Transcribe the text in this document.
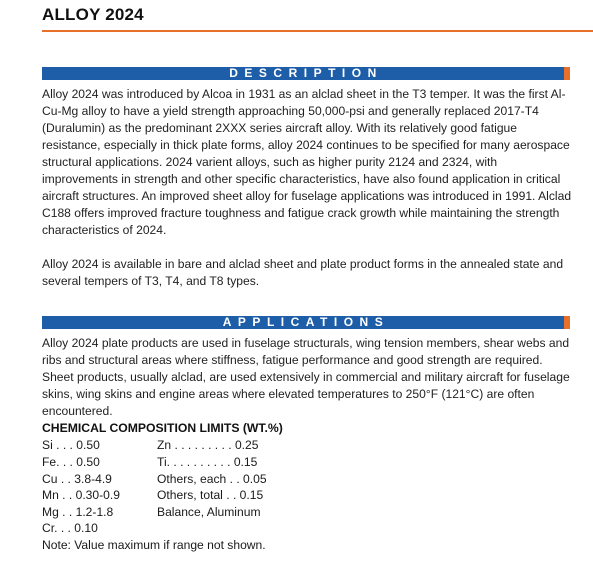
ALLOY 2024
DESCRIPTION
Alloy 2024 was introduced by Alcoa in 1931 as an alclad sheet in the T3 temper. It was the first Al-Cu-Mg alloy to have a yield strength approaching 50,000-psi and generally replaced 2017-T4 (Duralumin) as the predominant 2XXX series aircraft alloy. With its relatively good fatigue resistance, especially in thick plate forms, alloy 2024 continues to be specified for many aerospace structural applications. 2024 varient alloys, such as higher purity 2124 and 2324, with improvements in strength and other specific characteristics, have also found application in critical aircraft structures. An improved sheet alloy for fuselage applications was introduced in 1991. Alclad C188 offers improved fracture toughness and fatigue crack growth while maintaining the strength characteristics of 2024.
Alloy 2024 is available in bare and alclad sheet and plate product forms in the annealed state and several tempers of T3, T4, and T8 types.
APPLICATIONS
Alloy 2024 plate products are used in fuselage structurals, wing tension members, shear webs and ribs and structural areas where stiffness, fatigue performance and good strength are required. Sheet products, usually alclad, are used extensively in commercial and military aircraft for fuselage skins, wing skins and engine areas where elevated temperatures to 250°F (121°C) are often encountered.
CHEMICAL COMPOSITION LIMITS (WT.%)
Si . . . 0.50	Zn . . . . . . . . . 0.25
Fe. . . 0.50	Ti. . . . . . . . . . 0.15
Cu . . 3.8-4.9	Others, each . . 0.05
Mn . . 0.30-0.9	Others, total . . 0.15
Mg . . 1.2-1.8	Balance, Aluminum
Cr. . . 0.10
Note: Value maximum if range not shown.
